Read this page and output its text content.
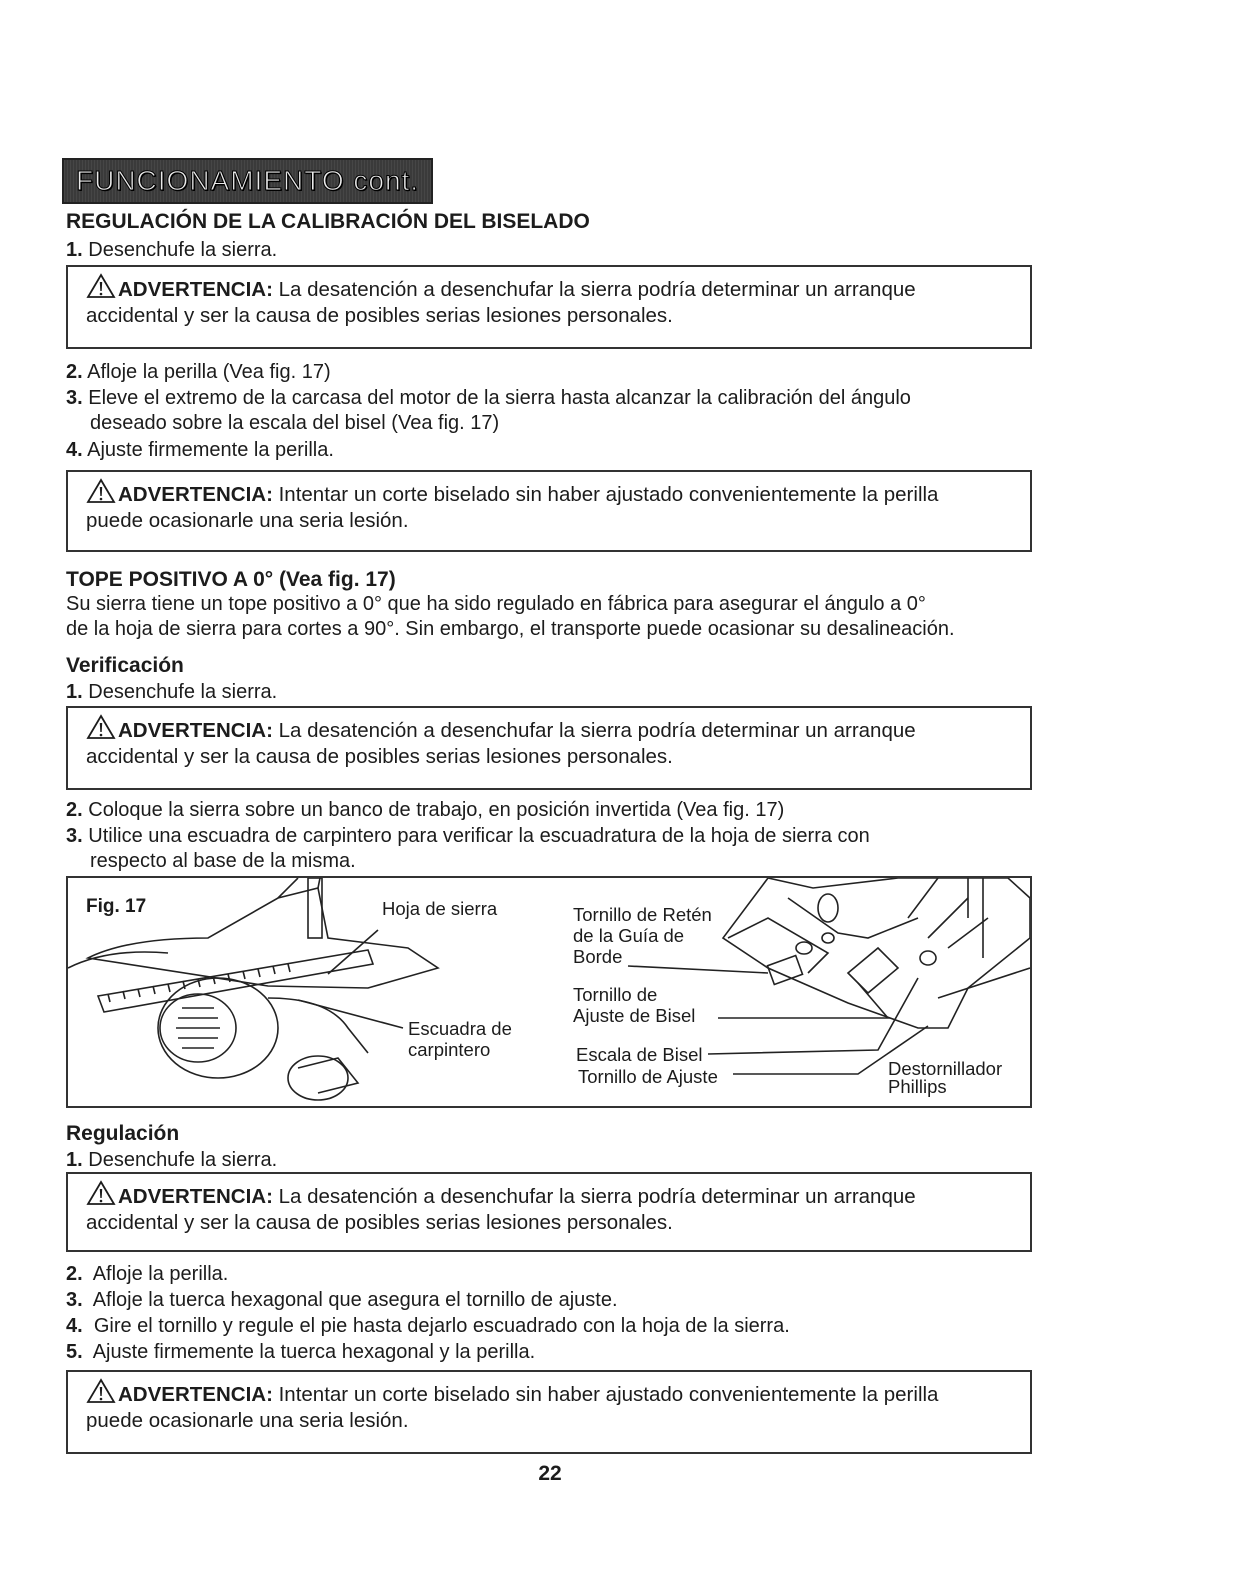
FUNCIONAMIENTO cont.
REGULACIÓN DE LA CALIBRACIÓN DEL BISELADO
1. Desenchufe la sierra.
ADVERTENCIA: La desatención a desenchufar la sierra podría determinar un arranque
accidental y ser la causa de posibles serias lesiones personales.
2. Afloje la perilla (Vea fig. 17)
3. Eleve el extremo de la carcasa del motor de la sierra hasta alcanzar la calibración del ángulo
deseado sobre la escala del bisel (Vea fig. 17)
4. Ajuste firmemente la perilla.
ADVERTENCIA: Intentar un corte biselado sin haber ajustado convenientemente la perilla
puede ocasionarle una seria lesión.
TOPE POSITIVO A 0° (Vea fig. 17)
Su sierra tiene un tope positivo a 0° que ha sido regulado en fábrica para asegurar el ángulo a 0°
de la hoja de sierra para cortes a 90°. Sin embargo, el transporte puede ocasionar su desalineación.
Verificación
1. Desenchufe la sierra.
ADVERTENCIA: La desatención a desenchufar la sierra podría determinar un arranque
accidental y ser la causa de posibles serias lesiones personales.
2. Coloque la sierra sobre un banco de trabajo, en posición invertida (Vea fig. 17)
3. Utilice una escuadra de carpintero para verificar la escuadratura de la hoja de sierra con
respecto al base de la misma.
Fig. 17	Hoja de sierra
Escuadra de
carpintero
Tornillo de Retén
de la Guía de
Borde
Tornillo de
Ajuste de Bisel
Escala de Bisel
Tornillo de Ajuste	Destornillador
Phillips
Regulación
1. Desenchufe la sierra.
ADVERTENCIA: La desatención a desenchufar la sierra podría determinar un arranque
accidental y ser la causa de posibles serias lesiones personales.
2. Afloje la perilla.
3. Afloje la tuerca hexagonal que asegura el tornillo de ajuste.
4. Gire el tornillo y regule el pie hasta dejarlo escuadrado con la hoja de la sierra.
5. Ajuste firmemente la tuerca hexagonal y la perilla.
ADVERTENCIA: Intentar un corte biselado sin haber ajustado convenientemente la perilla
puede ocasionarle una seria lesión.
22
